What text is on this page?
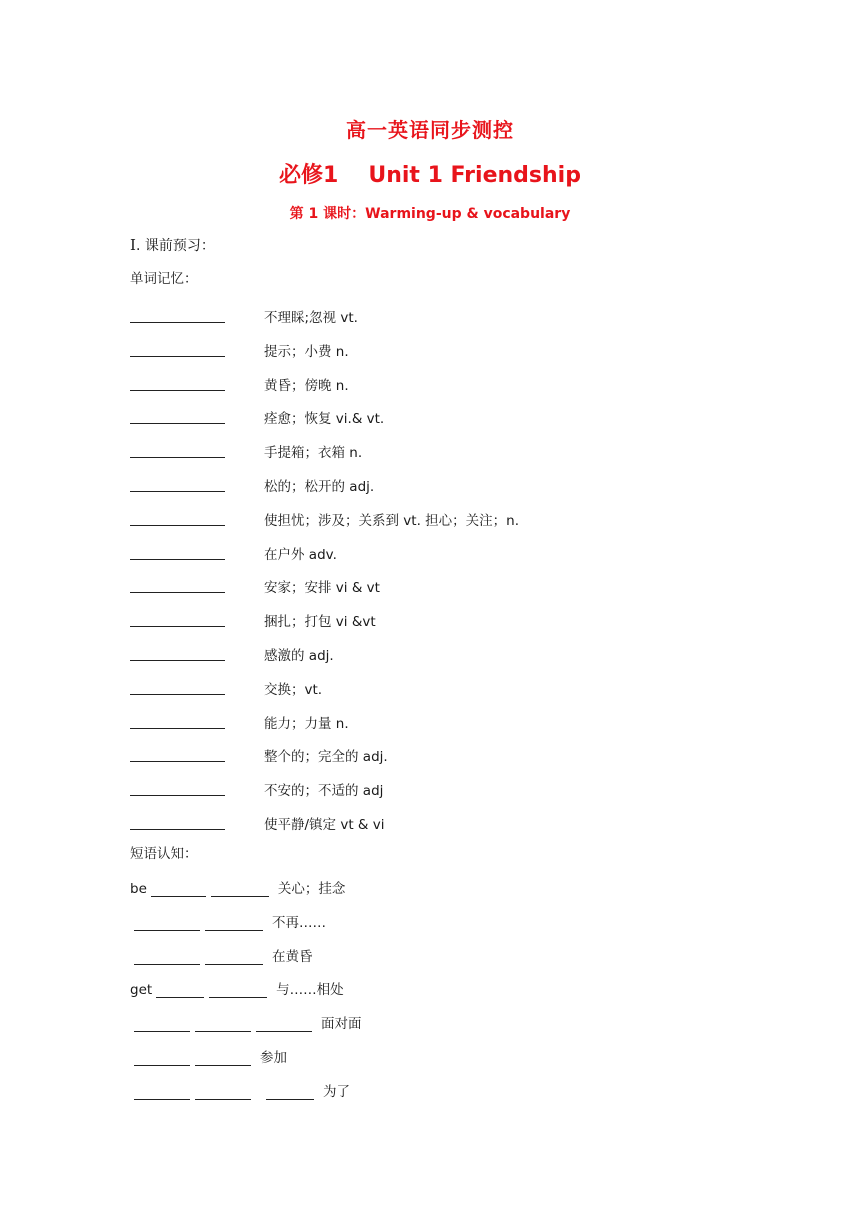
高一英语同步测控
必修1 Unit 1 Friendship
第 1 课时：Warming-up & vocabulary
I. 课前预习：
单词记忆：
不理睬;忽视 vt.
提示；小费 n.
黄昏；傍晚 n.
痊愈；恢复 vi.& vt.
手提箱；衣箱 n.
松的；松开的 adj.
使担忧；涉及；关系到 vt. 担心；关注；n.
在户外 adv.
安家；安排 vi & vt
捆扎；打包 vi &vt
感激的 adj.
交换；vt.
能力；力量 n.
整个的；完全的 adj.
不安的；不适的 adj
使平静/镇定 vt & vi
短语认知：
be	关心；挂念
不再……
在黄昏
get	与……相处
面对面
参加
为了
